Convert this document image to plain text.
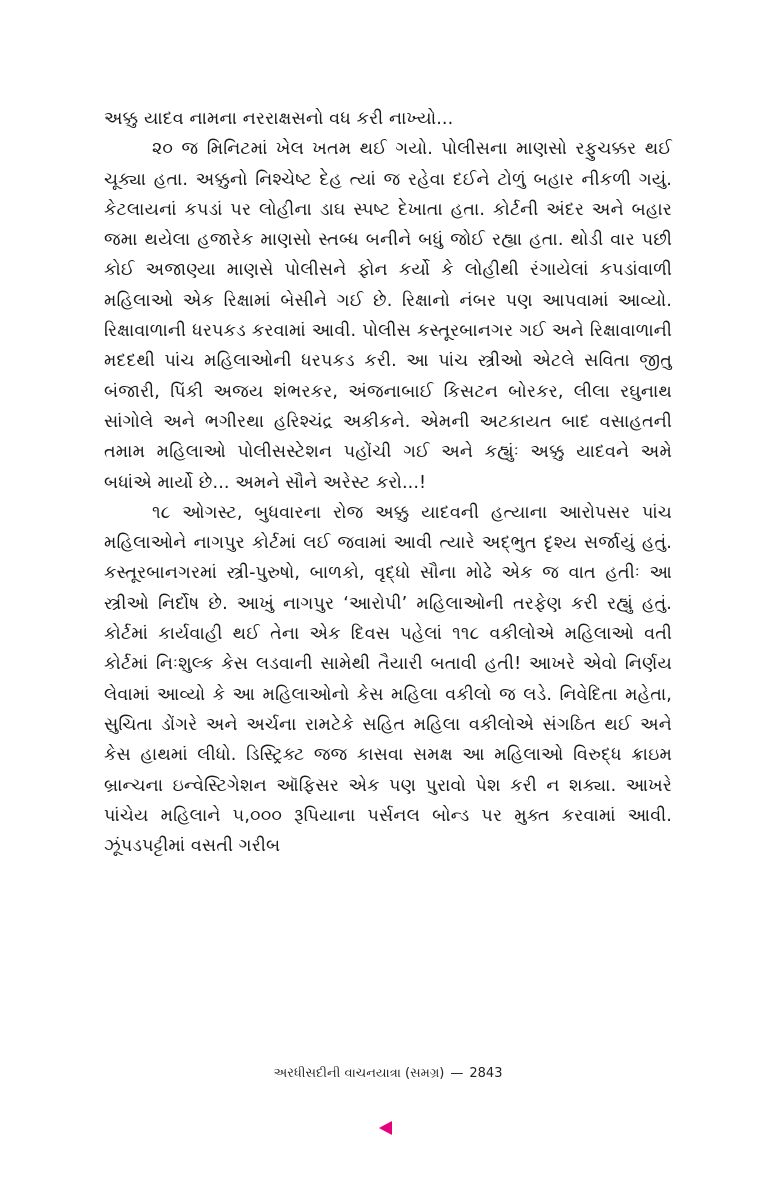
અક્કુ યાદવ નામના નરરાક્ષસનો વધ કરી નાખ્યો...

૨૦ જ મિનિટમાં ખેલ ખતમ થઈ ગયો. પોલીસના માણસો રફુચક્કર થઈ ચૂક્યા હતા. અક્કુનો નિશ્ચેષ્ટ દેહ ત્યાં જ રહેવા દઈને ટોળું બહાર નીકળી ગયું. કેટલાયનાં કપડાં પર લોહીના ડાઘ સ્પષ્ટ દેખાતા હતા. કોર્ટની અંદર અને બહાર જમા થયેલા હજારેક માણસો સ્તબ્ધ બનીને બધું જોઈ રહ્યા હતા. થોડી વાર પછી કોઈ અજાણ્યા માણસે પોલીસને ફોન કર્યો કે લોહીથી રંગાયેલાં કપડાંવાળી મહિલાઓ એક રિક્ષામાં બેસીને ગઈ છે. રિક્ષાનો નંબર પણ આપવામાં આવ્યો. રિક્ષાવાળાની ધરપકડ કરવામાં આવી. પોલીસ કસ્તૂરબાનગર ગઈ અને રિક્ષાવાળાની મદદથી પાંચ મહિલાઓની ધરપકડ કરી. આ પાંચ સ્ત્રીઓ એટલે સવિતા જીતુ બંજારી, પિંકી અજય શંભરકર, અંજનાબાઈ કિસટન બોરકર, લીલા રઘુનાથ સાંગોલે અને ભગીરથા હરિશ્ચંદ્ર અકીકને. એમની અટકાયત બાદ વસાહતની તમામ મહિલાઓ પોલીસસ્ટેશન પહોંચી ગઈ અને કહ્યુંઃ અક્કુ યાદવને અમે બધાંએ માર્યો છે... અમને સૌને અરેસ્ટ કરો...!

૧૮ ઓગસ્ટ, બુધવારના રોજ અક્કુ યાદવની હત્યાના આરોપસર પાંચ મહિલાઓને નાગપુર કોર્ટમાં લઈ જવામાં આવી ત્યારે અદ્ભુત દૃશ્ય સર્જાયું હતું. કસ્તૂરબાનગરમાં સ્ત્રી-પુરુષો, બાળકો, વૃદ્ધો સૌના મોઢે એક જ વાત હતીઃ આ સ્ત્રીઓ નિર્દોષ છે. આખું નાગપુર ‘આરોપી’ મહિલાઓની તરફેણ કરી રહ્યું હતું. કોર્ટમાં કાર્યવાહી થઈ તેના એક દિવસ પહેલાં ૧૧૮ વકીલોએ મહિલાઓ વતી કોર્ટમાં નિઃશુલ્ક કેસ લડવાની સામેથી તૈયારી બતાવી હતી! આખરે એવો નિર્ણય લેવામાં આવ્યો કે આ મહિલાઓનો કેસ મહિલા વકીલો જ લડે. નિવેદિતા મહેતા, સુચિતા ડોંગરે અને અર્ચના રામટેકે સહિત મહિલા વકીલોએ સંગઠિત થઈ અને કેસ હાથમાં લીધો. ડિસ્ટ્રિક્ટ જજ કાસવા સમક્ષ આ મહિલાઓ વિરુદ્ધ ક્રાઇમ બ્રાન્ચના ઇન્વેસ્ટિગેશન ઑફિસર એક પણ પુરાવો પેશ કરી ન શક્યા. આખરે પાંચેય મહિલાને ૫,૦૦૦ રૂપિયાના પર્સનલ બોન્ડ પર મુક્ત કરવામાં આવી. ઝૂંપડપટ્ટીમાં વસતી ગરીબ

અરધીસદીની વાચનયાત્રા (સમગ્ર) — 2843
